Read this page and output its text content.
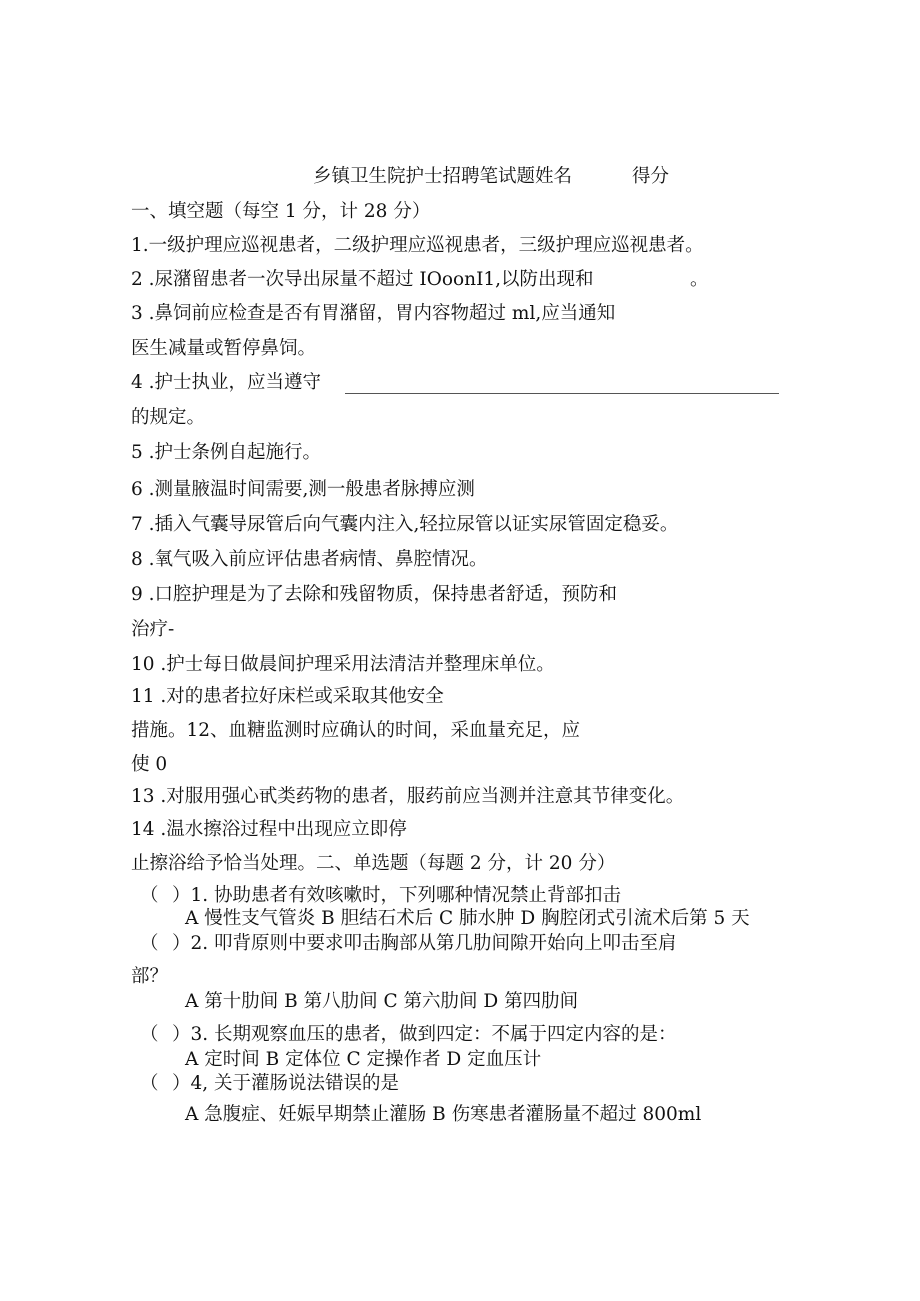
乡镇卫生院护士招聘笔试题姓名	得分
一、填空题（每空 1 分，计 28 分）
1.一级护理应巡视患者，二级护理应巡视患者，三级护理应巡视患者。
2 .尿潴留患者一次导出尿量不超过 IOoonI1,以防出现和	。
3 .鼻饲前应检查是否有胃潴留，胃内容物超过 ml,应当通知
医生减量或暂停鼻饲。
4 .护士执业，应当遵守
的规定。
5 .护士条例自起施行。
6 .测量腋温时间需要,测一般患者脉搏应测
7 .插入气囊导尿管后向气囊内注入,轻拉尿管以证实尿管固定稳妥。
8 .氧气吸入前应评估患者病情、鼻腔情况。
9 .口腔护理是为了去除和残留物质，保持患者舒适，预防和
治疗-
10 .护士每日做晨间护理采用法清洁并整理床单位。
11 .对的患者拉好床栏或采取其他安全
措施。12、血糖监测时应确认的时间，采血量充足，应
使 0
13 .对服用强心甙类药物的患者，服药前应当测并注意其节律变化。
14 .温水擦浴过程中出现应立即停
止擦浴给予恰当处理。二、单选题（每题 2 分，计 20 分）
（ ）1. 协助患者有效咳嗽时，下列哪种情况禁止背部扣击
A 慢性支气管炎 B 胆结石术后 C 肺水肿 D 胸腔闭式引流术后第 5 天
（ ）2. 叩背原则中要求叩击胸部从第几肋间隙开始向上叩击至肩
部？
A 第十肋间 B 第八肋间 C 第六肋间 D 第四肋间
（ ）3. 长期观察血压的患者，做到四定：不属于四定内容的是：
A 定时间 B 定体位 C 定操作者 D 定血压计
（ ）4, 关于灌肠说法错误的是
A 急腹症、妊娠早期禁止灌肠 B 伤寒患者灌肠量不超过 800ml
